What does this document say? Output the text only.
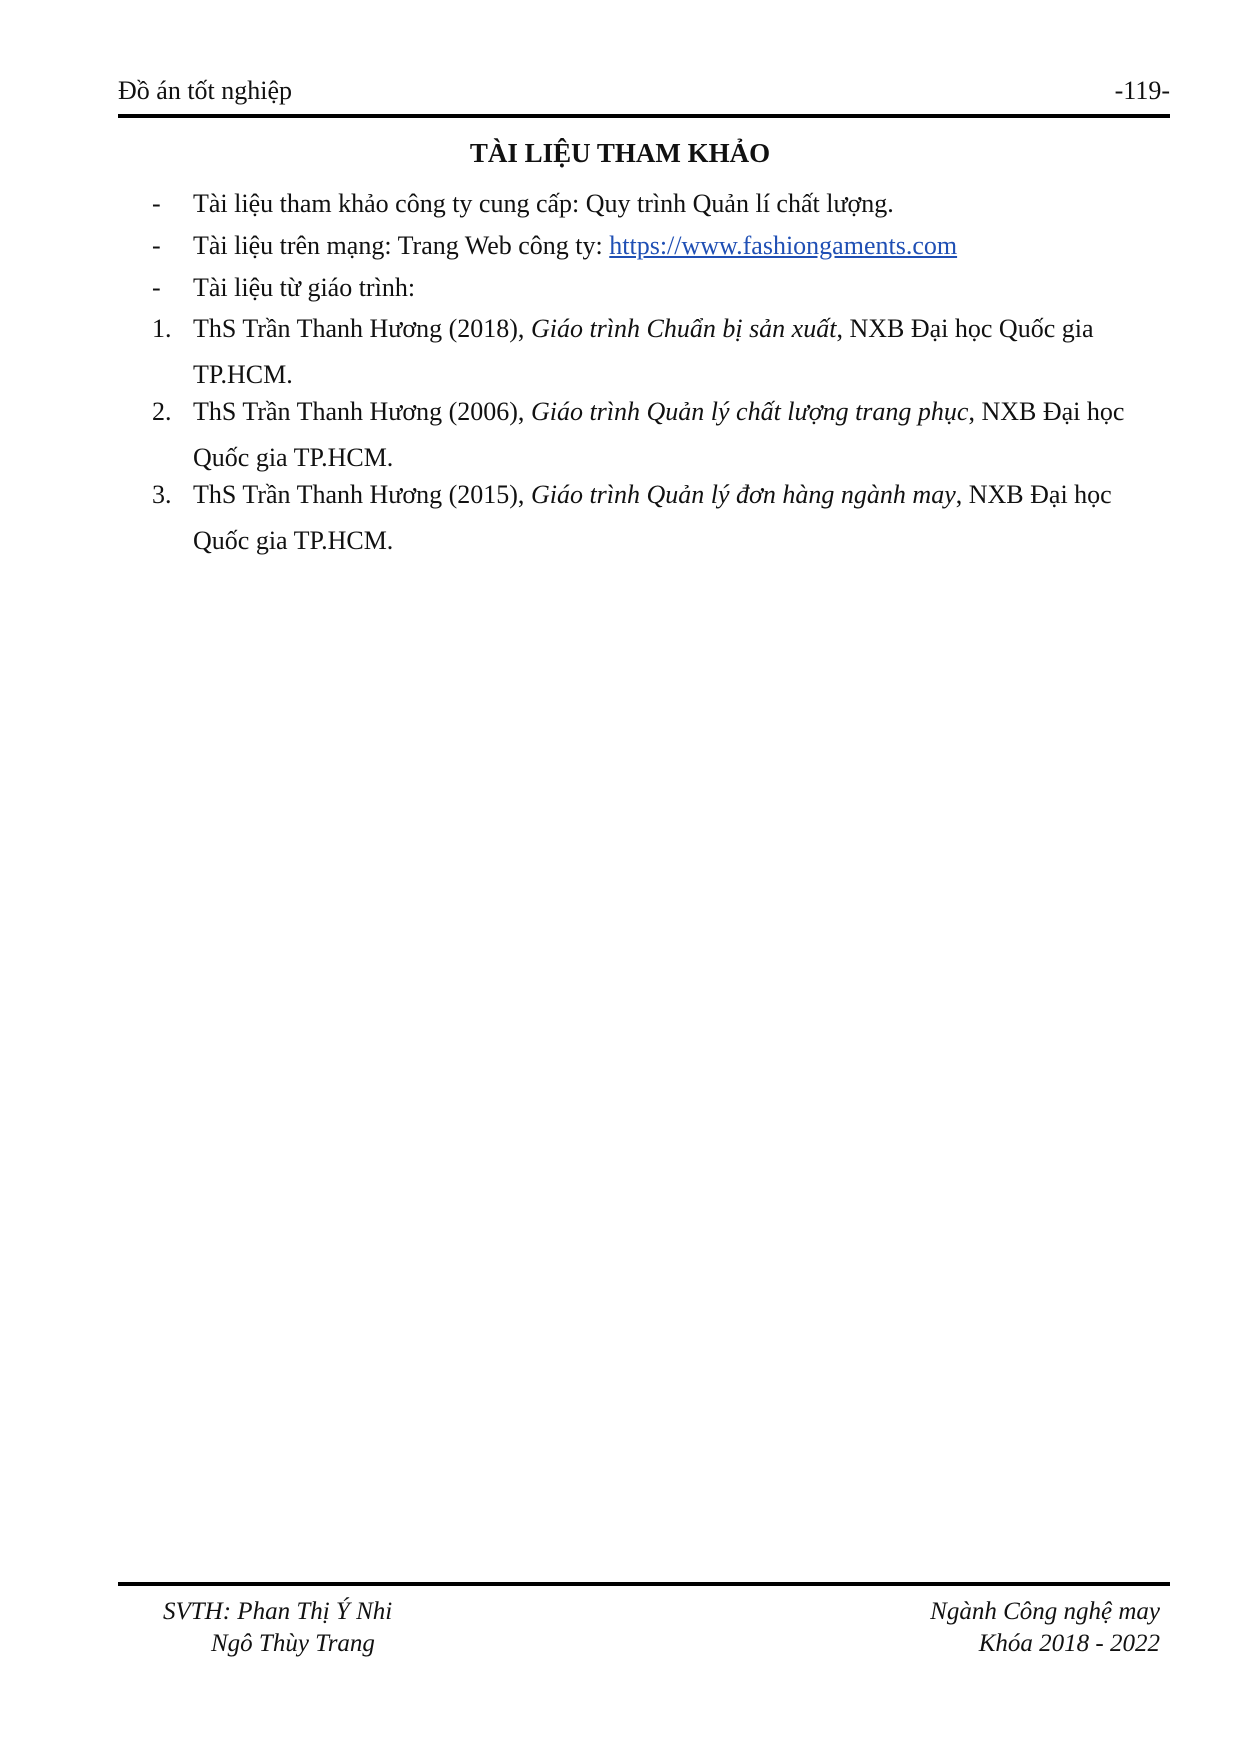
Đồ án tốt nghiệp	-119-
TÀI LIỆU THAM KHẢO
- Tài liệu tham khảo công ty cung cấp: Quy trình Quản lí chất lượng.
- Tài liệu trên mạng: Trang Web công ty: https://www.fashiongaments.com
- Tài liệu từ giáo trình:
1. ThS Trần Thanh Hương (2018), Giáo trình Chuẩn bị sản xuất, NXB Đại học Quốc gia
TP.HCM.
2. ThS Trần Thanh Hương (2006), Giáo trình Quản lý chất lượng trang phục, NXB Đại học
Quốc gia TP.HCM.
3. ThS Trần Thanh Hương (2015), Giáo trình Quản lý đơn hàng ngành may, NXB Đại học
Quốc gia TP.HCM.
SVTH: Phan Thị Ý Nhi
Ngô Thùy Trang
Ngành Công nghệ may
Khóa 2018 - 2022
